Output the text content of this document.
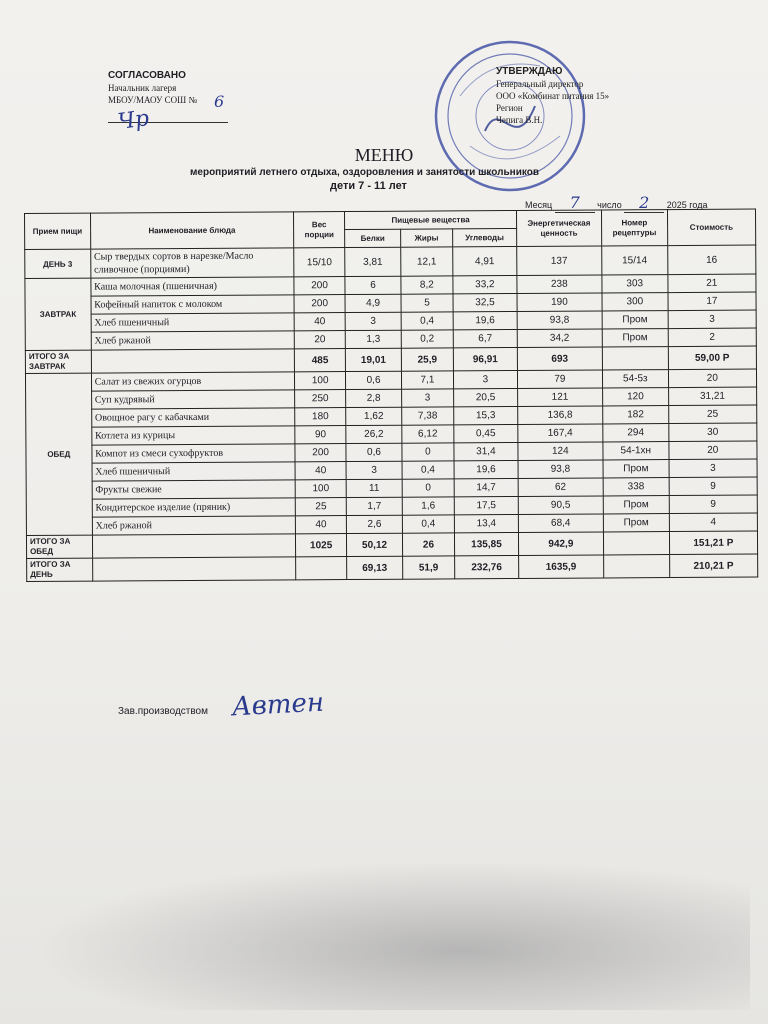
СОГЛАСОВАНО
Начальник лагеря
МБОУ/МАОУ СОШ №	6
Чр
УТВЕРЖДАЮ
Генеральный директор
ООО «Комбинат питания 15»
Регион
Чепига В.Н.
МЕНЮ
мероприятий летнего отдыха, оздоровления и занятости школьников
дети 7 - 11 лет
Месяц 7 число 2 2025 года
Прием пищи	Наименование блюда	Вес порции	Пищевые вещества			Энергетическая ценность	Номер рецептуры	Стоимость
			Белки	Жиры	Углеводы			
ДЕНЬ 3	Сыр твердых сортов в нарезке/Масло сливочное (порциями)	15/10	3,81	12,1	4,91	137	15/14	16
ЗАВТРАК	Каша молочная (пшеничная)	200	6	8,2	33,2	238	303	21
	Кофейный напиток с молоком	200	4,9	5	32,5	190	300	17
	Хлеб пшеничный	40	3	0,4	19,6	93,8	Пром	3
	Хлеб ржаной	20	1,3	0,2	6,7	34,2	Пром	2
ИТОГО ЗА ЗАВТРАК		485	19,01	25,9	96,91	693		59,00 Р
ОБЕД	Салат из свежих огурцов	100	0,6	7,1	3	79	54-5з	20
	Суп кудрявый	250	2,8	3	20,5	121	120	31,21
	Овощное рагу с кабачками	180	1,62	7,38	15,3	136,8	182	25
	Котлета из курицы	90	26,2	6,12	0,45	167,4	294	30
	Компот из смеси сухофруктов	200	0,6	0	31,4	124	54-1хн	20
	Хлеб пшеничный	40	3	0,4	19,6	93,8	Пром	3
	Фрукты свежие	100	11	0	14,7	62	338	9
	Кондитерское изделие (пряник)	25	1,7	1,6	17,5	90,5	Пром	9
	Хлеб ржаной	40	2,6	0,4	13,4	68,4	Пром	4
ИТОГО ЗА ОБЕД		1025	50,12	26	135,85	942,9		151,21 Р
ИТОГО ЗА ДЕНЬ			69,13	51,9	232,76	1635,9		210,21 Р
Зав.производством Автен
